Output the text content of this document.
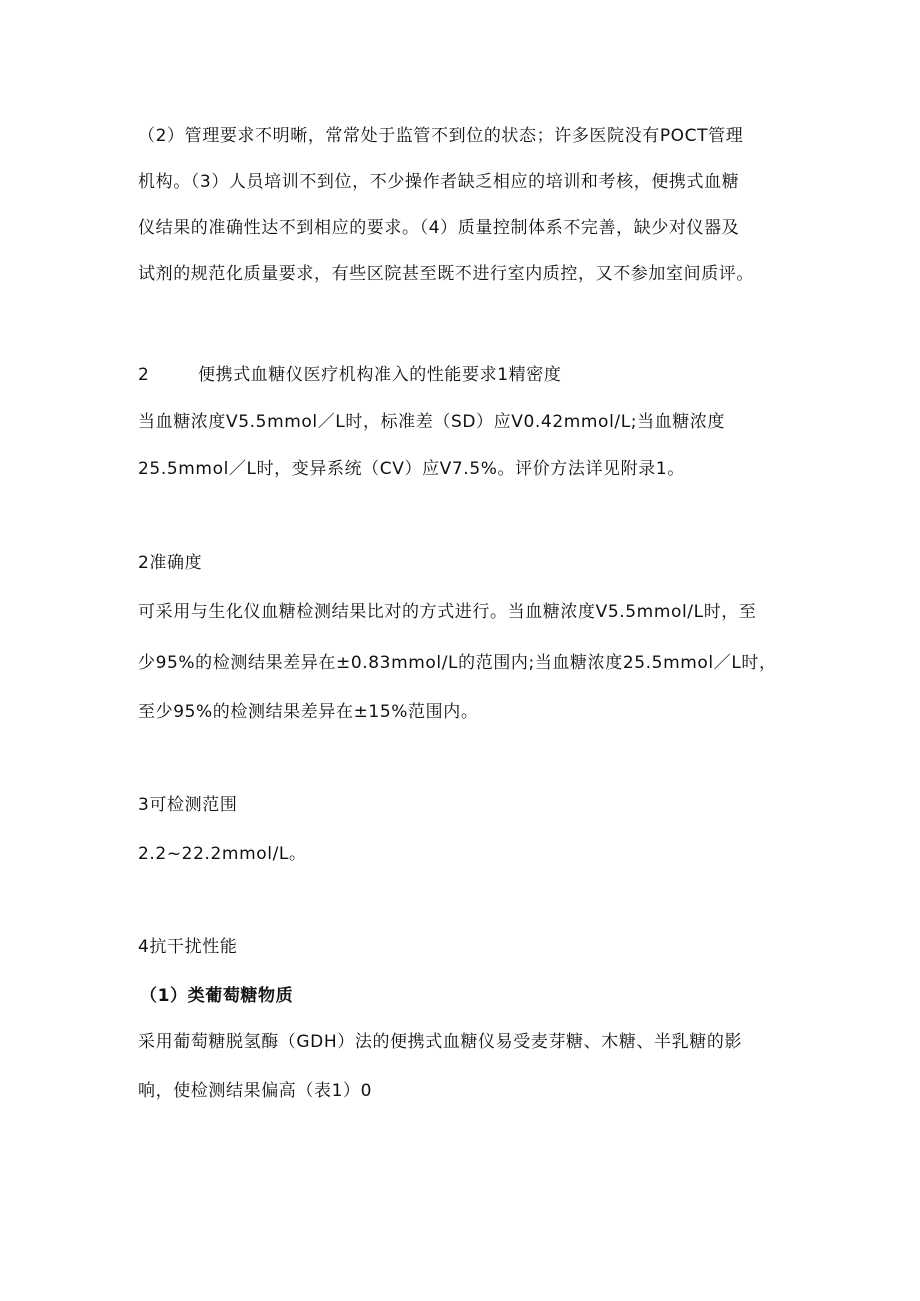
（2）管理要求不明晰，常常处于监管不到位的状态；许多医院没有POCT管理
机构。（3）人员培训不到位，不少操作者缺乏相应的培训和考核，便携式血糖
仪结果的准确性达不到相应的要求。（4）质量控制体系不完善，缺少对仪器及
试剂的规范化质量要求，有些区院甚至既不进行室内质控，又不参加室间质评。
2	便携式血糖仪医疗机构准入的性能要求1精密度
当血糖浓度V5.5mmol／L时，标准差（SD）应V0.42mmol/L;当血糖浓度
25.5mmol／L时，变异系统（CV）应V7.5%。评价方法详见附录1。
2准确度
可采用与生化仪血糖检测结果比对的方式进行。当血糖浓度V5.5mmol/L时，至
少95%的检测结果差异在±0.83mmol/L的范围内;当血糖浓度25.5mmol／L时，
至少95%的检测结果差异在±15%范围内。
3可检测范围
2.2~22.2mmol/L。
4抗干扰性能
（1）类葡萄糖物质
采用葡萄糖脱氢酶（GDH）法的便携式血糖仪易受麦芽糖、木糖、半乳糖的影
响，使检测结果偏高（表1）0
